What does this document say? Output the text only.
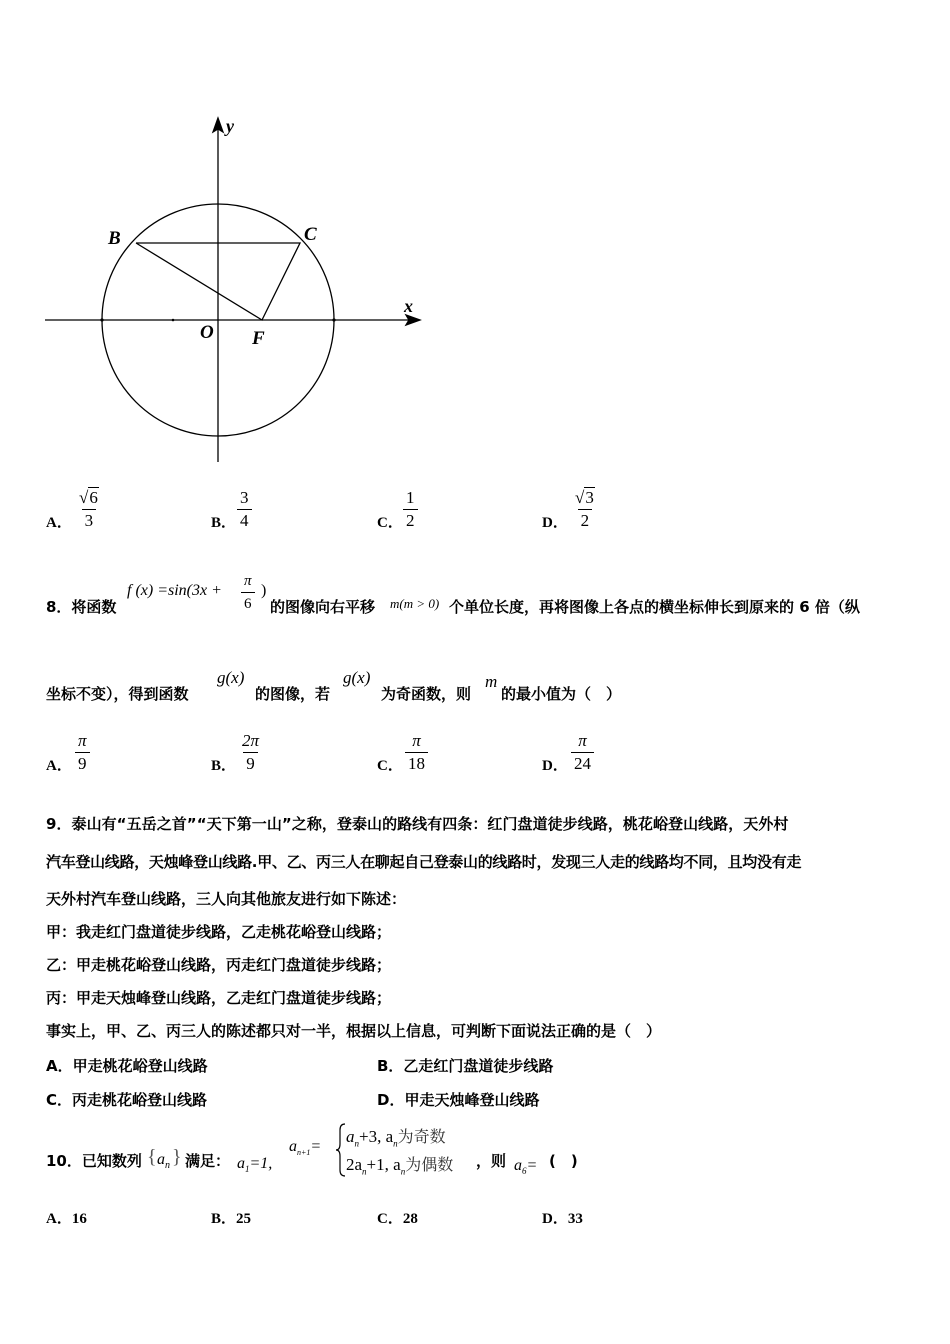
y
x
B	C
O F
A． $\frac{√6}{3}$	B． $\frac{3}{4}$	C． $\frac{1}{2}$	D． $\frac{√3}{2}$
8．将函数
f $(x) =\sin(3x + \frac{\pi}{6}$ )
的图像向右平移 m(m > 0) 个单位长度，再将图像上各点的横坐标伸长到原来的 6 倍（纵
坐标不变），得到函数
g(x)
的图像，若
g(x)
为奇函数，则
m
的最小值为（　）
A． $\frac{\pi}{9}$	B． $\frac{2\pi}{9}$	C． $\frac{\pi}{18}$	D． $\frac{\pi}{24}$
9．泰山有“五岳之首”“天下第一山”之称，登泰山的路线有四条：红门盘道徒步线路，桃花峪登山线路，天外村
汽车登山线路，天烛峰登山线路.甲、乙、丙三人在聊起自己登泰山的线路时，发现三人走的线路均不同，且均没有走
天外村汽车登山线路，三人向其他旅友进行如下陈述：
甲：我走红门盘道徒步线路，乙走桃花峪登山线路；
乙：甲走桃花峪登山线路，丙走红门盘道徒步线路；
丙：甲走天烛峰登山线路，乙走红门盘道徒步线路；
事实上，甲、乙、丙三人的陈述都只对一半，根据以上信息，可判断下面说法正确的是（　）
A．甲走桃花峪登山线路	B．乙走红门盘道徒步线路
C．丙走桃花峪登山线路	D．甲走天烛峰登山线路
10．已知数列 { $a_n$ } 满足： $a_1=1$,
$a_{n+1}=$
$a_n+3$, $a_n$为奇数
$2a_n+1$, $a_n$为偶数 ，则 $a_6=$ (　)
A．16	B．25	C．28	D．33
